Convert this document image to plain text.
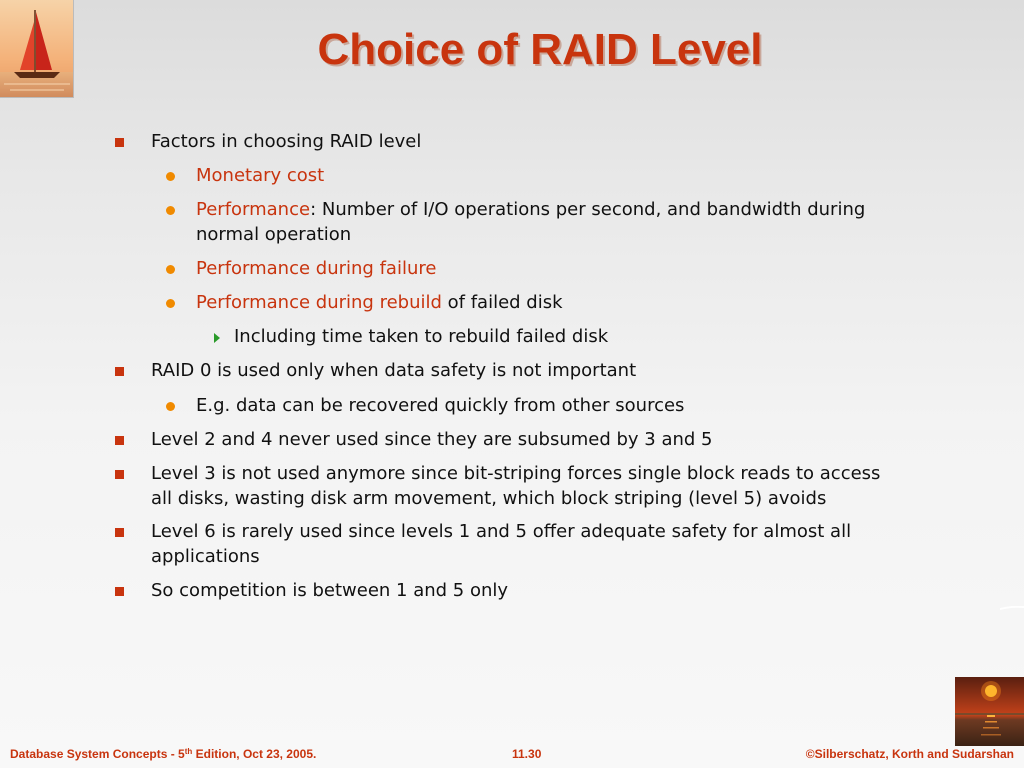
Choice of RAID Level
Factors in choosing RAID level
Monetary cost
Performance: Number of I/O operations per second, and bandwidth during
normal operation
Performance during failure
Performance during rebuild of failed disk
Including time taken to rebuild failed disk
RAID 0 is used only when data safety is not important
E.g. data can be recovered quickly from other sources
Level 2 and 4 never used since they are subsumed by 3 and 5
Level 3 is not used anymore since bit-striping forces single block reads to access
all disks, wasting disk arm movement, which block striping (level 5) avoids
Level 6 is rarely used since levels 1 and 5 offer adequate safety for almost all
applications
So competition is between 1 and 5 only
Database System Concepts - 5th Edition, Oct 23, 2005.	11.30	©Silberschatz, Korth and Sudarshan
